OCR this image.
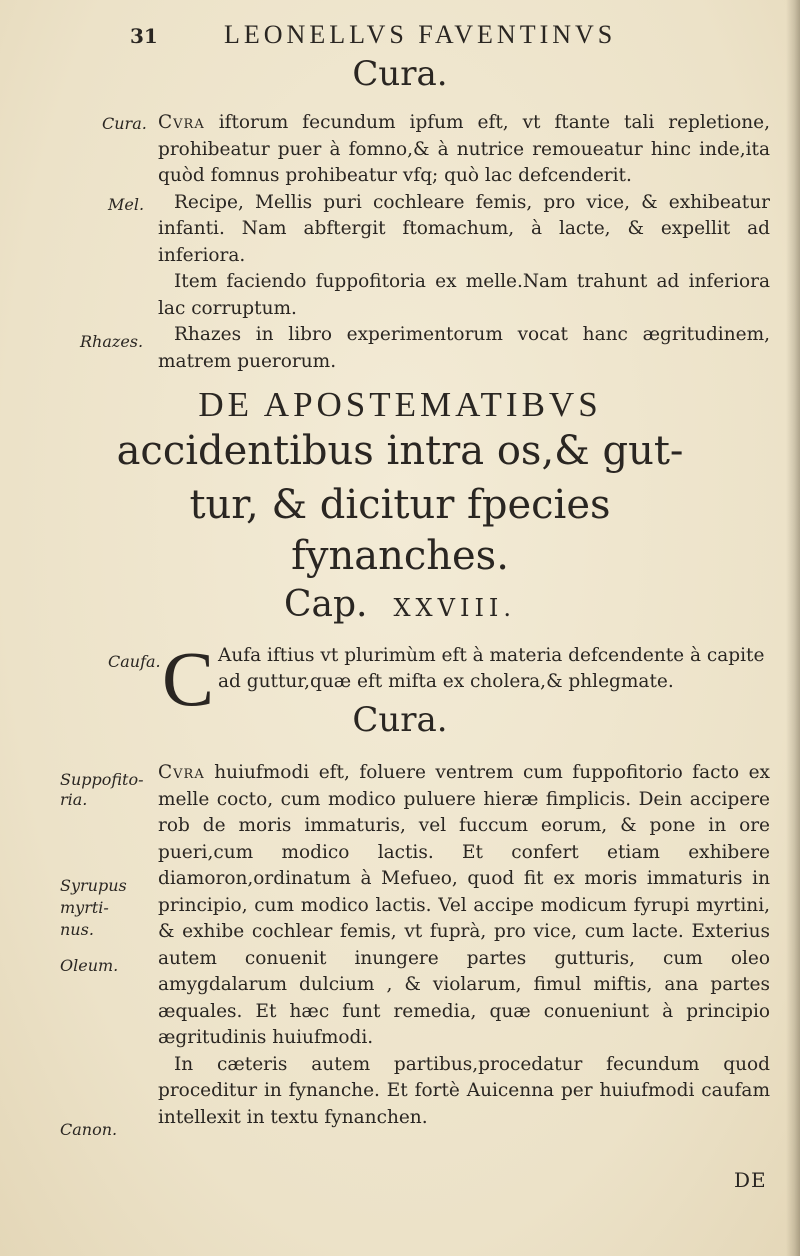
31	LEONELLVS FAVENTINVS
Cura.
Cura.
Mel.
Rhazes.

Cvra iftorum fecundum ipfum eft, vt ftante tali repletione, prohibeatur puer à fomno,& à nutrice remoueatur hinc inde,ita quòd fomnus prohibeatur vfq; quò lac defcenderit.

Recipe, Mellis puri cochleare femis, pro vice, & exhibeatur infanti. Nam abftergit ftomachum, à lacte, & expellit ad inferiora.

Item faciendo fuppofitoria ex melle.Nam trahunt ad inferiora lac corruptum.

Rhazes in libro experimentorum vocat hanc ægritudinem, matrem puerorum.

DE APOSTEMATIBVS
accidentibus intra os,& gut-
tur, & dicitur fpecies
fynanches.
Cap. XXVIII.
Caufa. C Aufa iftius vt plurimùm eft à materia defcendente à capite
ad guttur,quæ eft mifta ex cholera,& phlegmate.
Cura.
Suppofito-
ria.
Syrupus
myrti-
nus.
Oleum.
Canon.

Cvra huiufmodi eft, foluere ventrem cum fuppofitorio facto ex melle cocto, cum modico puluere hieræ fimplicis. Dein accipere rob de moris immaturis, vel fuccum eorum, & pone in ore pueri,cum modico lactis. Et confert etiam exhibere diamoron,ordinatum à Mefueo, quod fit ex moris immaturis in principio, cum modico lactis. Vel accipe modicum fyrupi myrtini, & exhibe cochlear femis, vt fuprà, pro vice, cum lacte. Exterius autem conuenit inungere partes gutturis, cum oleo amygdalarum dulcium , & violarum, fimul miftis, ana partes æquales. Et hæc funt remedia, quæ conueniunt à principio ægritudinis huiufmodi.

In cæteris autem partibus,procedatur fecundum quod proceditur in fynanche. Et fortè Auicenna per huiufmodi caufam intellexit in textu fynanchen.

DE
